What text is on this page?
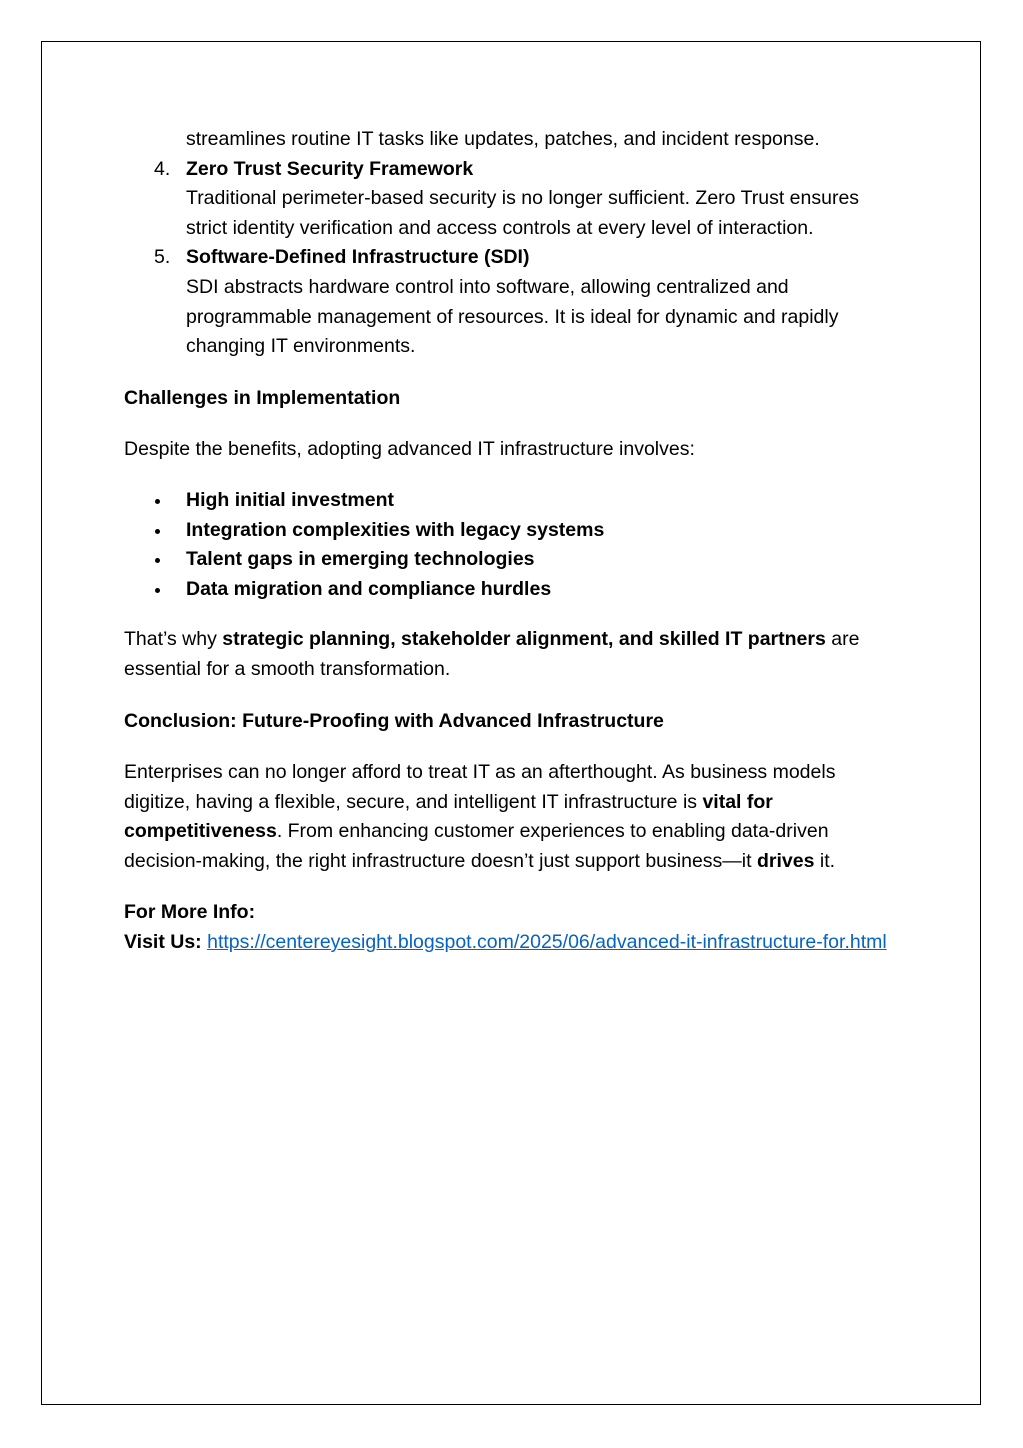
streamlines routine IT tasks like updates, patches, and incident response.

4. Zero Trust Security Framework
Traditional perimeter-based security is no longer sufficient. Zero Trust ensures strict identity verification and access controls at every level of interaction.
5. Software-Defined Infrastructure (SDI)
SDI abstracts hardware control into software, allowing centralized and programmable management of resources. It is ideal for dynamic and rapidly changing IT environments.

Challenges in Implementation

Despite the benefits, adopting advanced IT infrastructure involves:

High initial investment
Integration complexities with legacy systems
Talent gaps in emerging technologies
Data migration and compliance hurdles

That’s why strategic planning, stakeholder alignment, and skilled IT partners are essential for a smooth transformation.

Conclusion: Future-Proofing with Advanced Infrastructure

Enterprises can no longer afford to treat IT as an afterthought. As business models digitize, having a flexible, secure, and intelligent IT infrastructure is vital for competitiveness. From enhancing customer experiences to enabling data-driven decision-making, the right infrastructure doesn’t just support business—it drives it.

For More Info:

Visit Us: https://centereyesight.blogspot.com/2025/06/advanced-it-infrastructure-for.html
